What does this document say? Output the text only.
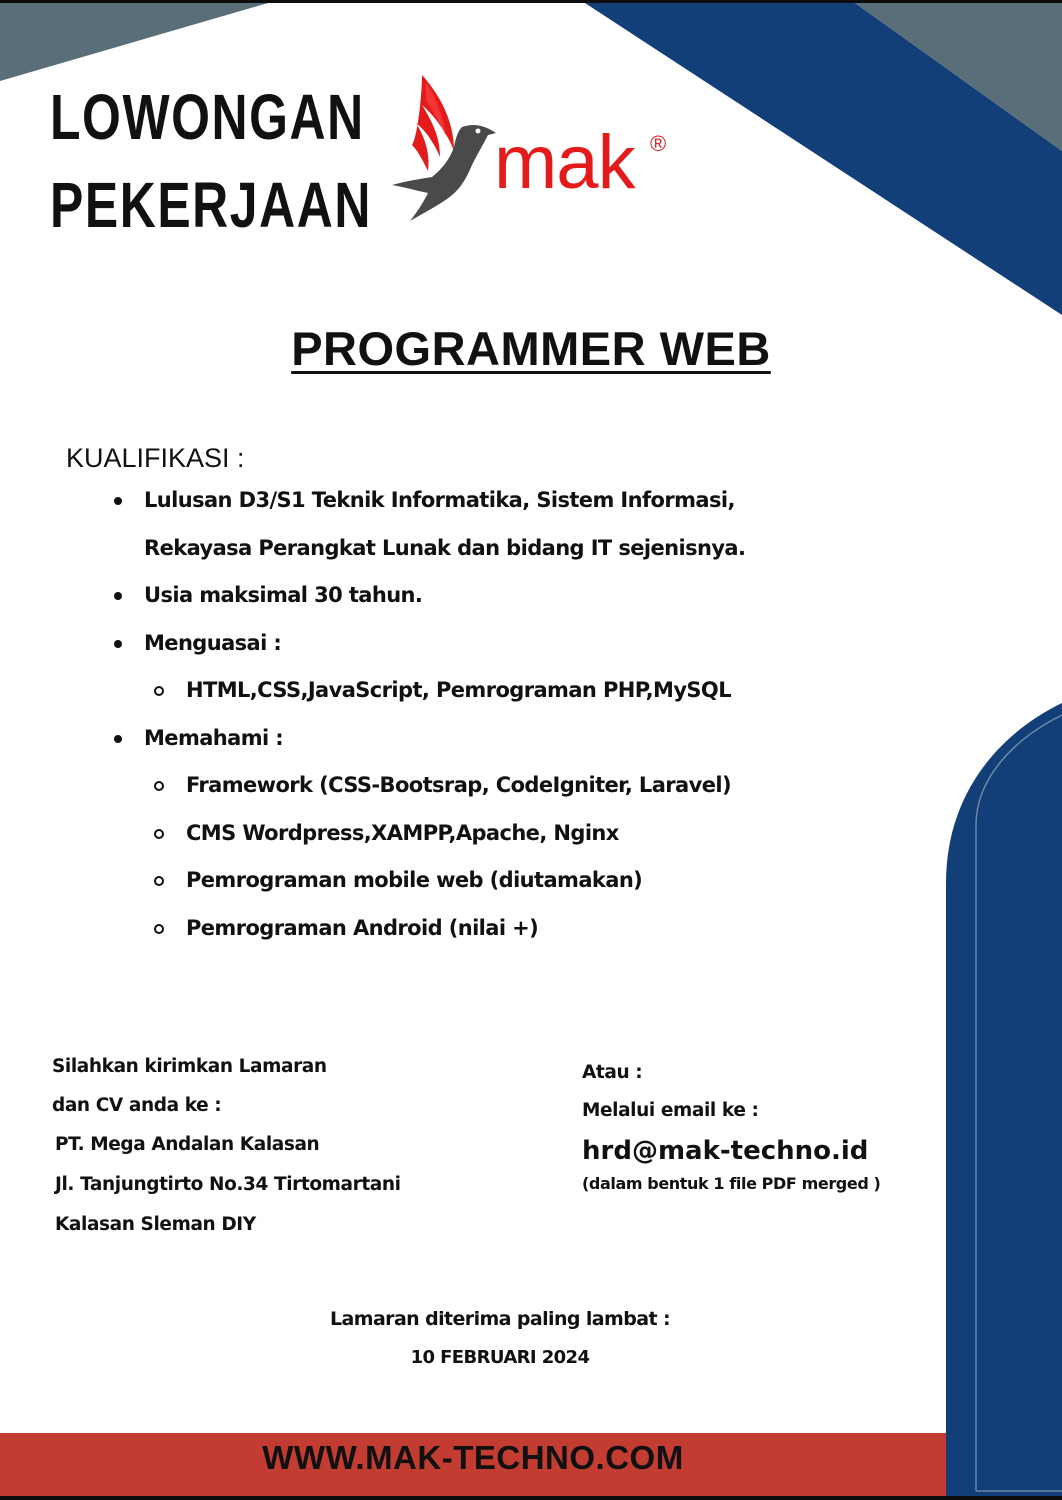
LOWONGAN
PEKERJAAN mak ®
PROGRAMMER WEB
KUALIFIKASI :
Lulusan D3/S1 Teknik Informatika, Sistem Informasi,
Rekayasa Perangkat Lunak dan bidang IT sejenisnya.
Usia maksimal 30 tahun.
Menguasai :
HTML,CSS,JavaScript, Pemrograman PHP,MySQL
Memahami :
Framework (CSS-Bootsrap, CodeIgniter, Laravel)
CMS Wordpress,XAMPP,Apache, Nginx
Pemrograman mobile web (diutamakan)
Pemrograman Android (nilai +)
Silahkan kirimkan Lamaran
dan CV anda ke :
PT. Mega Andalan Kalasan
Jl. Tanjungtirto No.34 Tirtomartani
Kalasan Sleman DIY
Atau :
Melalui email ke :
hrd@mak-techno.id
(dalam bentuk 1 file PDF merged )
Lamaran diterima paling lambat :
10 FEBRUARI 2024
WWW.MAK-TECHNO.COM
